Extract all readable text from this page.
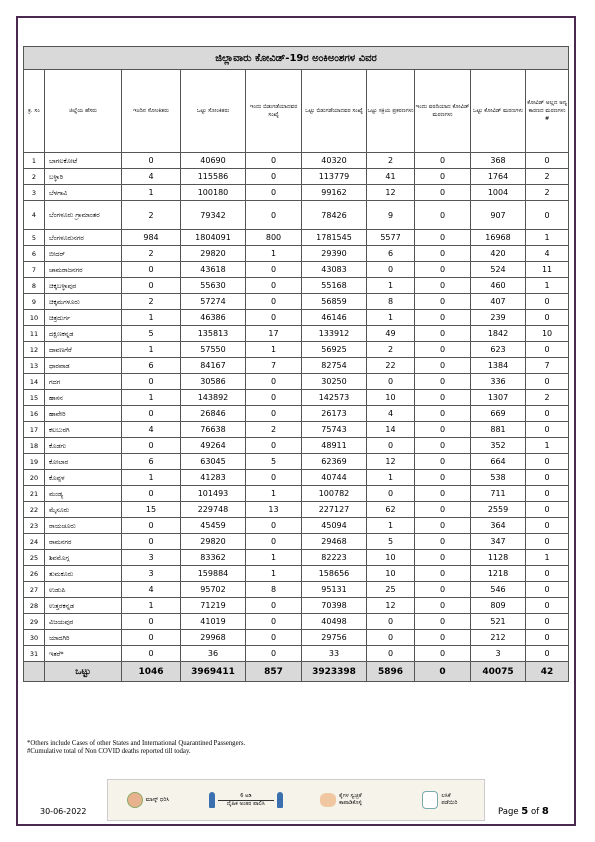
ಜಿಲ್ಲಾವಾರು ಕೋವಿಡ್-19ರ ಅಂಕಿಅಂಶಗಳ ವಿವರ									
ಕ್ರ. ಸಂ	ಜಿಲ್ಲೆಯ ಹೆಸರು	ಇಂದಿನ ಸೋಂಕಿತರು	ಒಟ್ಟು ಸೋಂಕಿತರು	ಇಂದು ಬಿಡುಗಡೆಯಾದವರ ಸಂಖ್ಯೆ	ಒಟ್ಟು ಬಿಡುಗಡೆಯಾದವರ ಸಂಖ್ಯೆ	ಒಟ್ಟು ಸಕ್ರಿಯ ಪ್ರಕರಣಗಳು	ಇಂದು ವರದಿಯಾದ ಕೋವಿಡ್ ಮರಣಗಳು	ಒಟ್ಟು ಕೋವಿಡ್ ಮರಣಗಳು	ಕೋವಿಡ್ ಅಲ್ಲದ ಅನ್ಯ ಕಾರಣದ ಮರಣಗಳು #
1	ಬಾಗಲಕೋಟೆ	0	40690	0	40320	2	0	368	0
2	ಬಳ್ಳಾರಿ	4	115586	0	113779	41	0	1764	2
3	ಬೆಳಗಾವಿ	1	100180	0	99162	12	0	1004	2
4	ಬೆಂಗಳೂರು ಗ್ರಾಮಾಂತರ	2	79342	0	78426	9	0	907	0
5	ಬೆಂಗಳೂರುನಗರ	984	1804091	800	1781545	5577	0	16968	1
6	ಬೀದರ್	2	29820	1	29390	6	0	420	4
7	ಚಾಮರಾಜನಗರ	0	43618	0	43083	0	0	524	11
8	ಚಿಕ್ಕಬಳ್ಳಾಪುರ	0	55630	0	55168	1	0	460	1
9	ಚಿಕ್ಕಮಗಳೂರು	2	57274	0	56859	8	0	407	0
10	ಚಿತ್ರದುರ್ಗ	1	46386	0	46146	1	0	239	0
11	ದಕ್ಷಿಣಕನ್ನಡ	5	135813	17	133912	49	0	1842	10
12	ದಾವಣಗೆರೆ	1	57550	1	56925	2	0	623	0
13	ಧಾರವಾಡ	6	84167	7	82754	22	0	1384	7
14	ಗದಗ	0	30586	0	30250	0	0	336	0
15	ಹಾಸನ	1	143892	0	142573	10	0	1307	2
16	ಹಾವೇರಿ	0	26846	0	26173	4	0	669	0
17	ಕಲಬುರಗಿ	4	76638	2	75743	14	0	881	0
18	ಕೊಡಗು	0	49264	0	48911	0	0	352	1
19	ಕೋಲಾರ	6	63045	5	62369	12	0	664	0
20	ಕೊಪ್ಪಳ	1	41283	0	40744	1	0	538	0
21	ಮಂಡ್ಯ	0	101493	1	100782	0	0	711	0
22	ಮೈಸೂರು	15	229748	13	227127	62	0	2559	0
23	ರಾಯಚೂರು	0	45459	0	45094	1	0	364	0
24	ರಾಮನಗರ	0	29820	0	29468	5	0	347	0
25	ಶಿವಮೊಗ್ಗ	3	83362	1	82223	10	0	1128	1
26	ತುಮಕೂರು	3	159884	1	158656	10	0	1218	0
27	ಉಡುಪಿ	4	95702	8	95131	25	0	546	0
28	ಉತ್ತರಕನ್ನಡ	1	71219	0	70398	12	0	809	0
29	ವಿಜಯಪುರ	0	41019	0	40498	0	0	521	0
30	ಯಾದಗಿರಿ	0	29968	0	29756	0	0	212	0
31	ಇತರೆ*	0	36	0	33	0	0	3	0
	ಒಟ್ಟು	1046	3969411	857	3923398	5896	0	40075	42
*Others include Cases of other States and International Quarantined Passengers.
#Cumulative total of Non COVID deaths reported till today.
ಮಾಸ್ಕ್ ಧರಿಸಿ
6 ಅಡಿ
ದೈಹಿಕ ಅಂತರ ಪಾಲಿಸಿ
ಕೈಗಳ ಸ್ವಚ್ಛತೆ ಕಾಪಾಡಿಕೊಳ್ಳಿ
ಲಸಿಕೆ ಪಡೆಯಿರಿ
30-06-2022	Page 5 of 8
